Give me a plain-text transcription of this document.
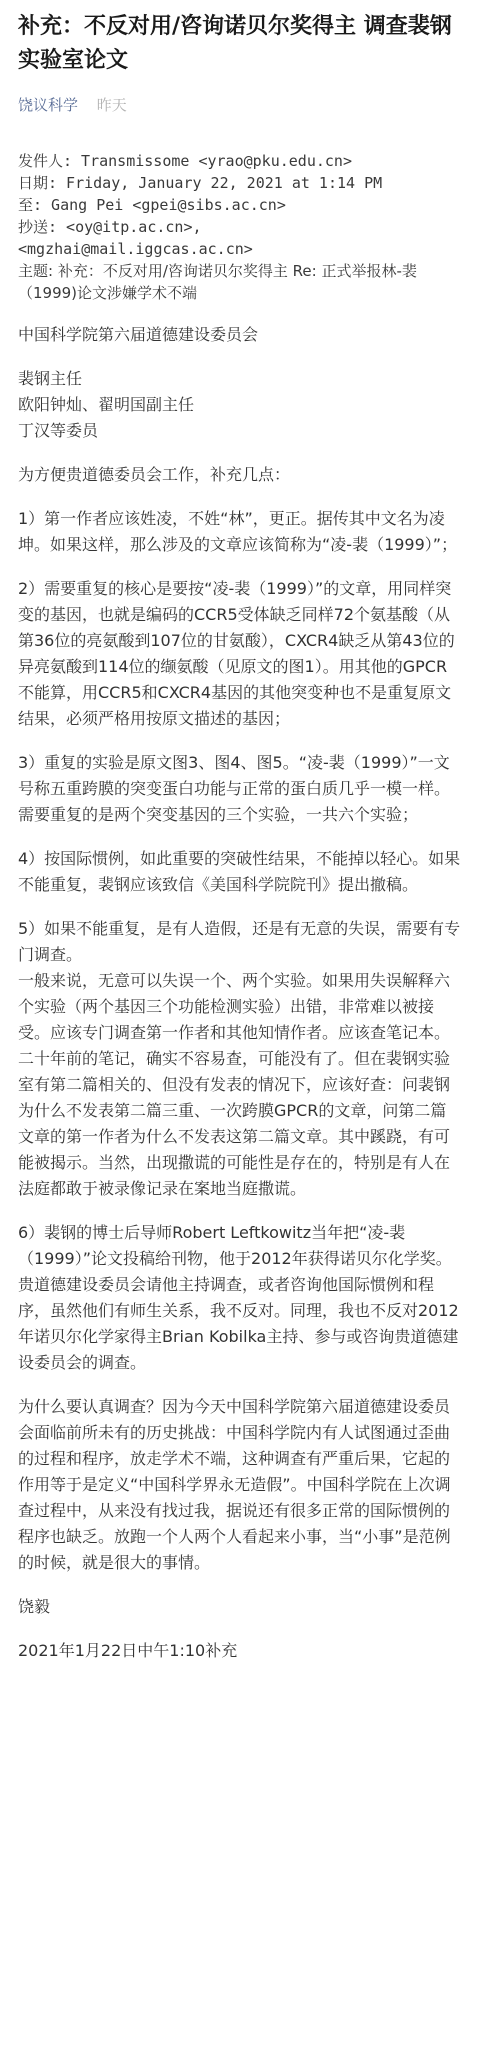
补充：不反对用/咨询诺贝尔奖得主 调查裴钢实验室论文
饶议科学 昨天
发件人: Transmissome <yrao@pku.edu.cn>
日期: Friday, January 22, 2021 at 1:14 PM
至: Gang Pei <gpei@sibs.ac.cn>
抄送: <oy@itp.ac.cn>,
<mgzhai@mail.iggcas.ac.cn>
主题: 补充：不反对用/咨询诺贝尔奖得主 Re: 正式举报林-裴（1999)论文涉嫌学术不端

中国科学院第六届道德建设委员会

裴钢主任

欧阳钟灿、翟明国副主任

丁汉等委员

为方便贵道德委员会工作，补充几点：

1）第一作者应该姓凌，不姓“林”，更正。据传其中文名为凌坤。如果这样，那么涉及的文章应该简称为“凌-裴（1999）”；

2）需要重复的核心是要按“凌-裴（1999）”的文章，用同样突变的基因，也就是编码的CCR5受体缺乏同样72个氨基酸（从第36位的亮氨酸到107位的甘氨酸），CXCR4缺乏从第43位的异亮氨酸到114位的缬氨酸（见原文的图1）。用其他的GPCR不能算，用CCR5和CXCR4基因的其他突变种也不是重复原文结果，必须严格用按原文描述的基因；

3）重复的实验是原文图3、图4、图5。“凌-裴（1999）”一文号称五重跨膜的突变蛋白功能与正常的蛋白质几乎一模一样。需要重复的是两个突变基因的三个实验，一共六个实验；

4）按国际惯例，如此重要的突破性结果，不能掉以轻心。如果不能重复，裴钢应该致信《美国科学院院刊》提出撤稿。

5）如果不能重复，是有人造假，还是有无意的失误，需要有专门调查。

一般来说，无意可以失误一个、两个实验。如果用失误解释六个实验（两个基因三个功能检测实验）出错，非常难以被接受。应该专门调查第一作者和其他知情作者。应该查笔记本。二十年前的笔记，确实不容易查，可能没有了。但在裴钢实验室有第二篇相关的、但没有发表的情况下，应该好查：问裴钢为什么不发表第二篇三重、一次跨膜GPCR的文章，问第二篇文章的第一作者为什么不发表这第二篇文章。其中蹊跷，有可能被揭示。当然，出现撒谎的可能性是存在的，特别是有人在法庭都敢于被录像记录在案地当庭撒谎。

6）裴钢的博士后导师Robert Leftkowitz当年把“凌-裴（1999）”论文投稿给刊物，他于2012年获得诺贝尔化学奖。贵道德建设委员会请他主持调查，或者咨询他国际惯例和程序，虽然他们有师生关系，我不反对。同理，我也不反对2012年诺贝尔化学家得主Brian Kobilka主持、参与或咨询贵道德建设委员会的调查。

为什么要认真调查？因为今天中国科学院第六届道德建设委员会面临前所未有的历史挑战：中国科学院内有人试图通过歪曲的过程和程序，放走学术不端，这种调查有严重后果，它起的作用等于是定义“中国科学界永无造假”。中国科学院在上次调查过程中，从来没有找过我，据说还有很多正常的国际惯例的程序也缺乏。放跑一个人两个人看起来小事，当“小事”是范例的时候，就是很大的事情。

饶毅
2021年1月22日中午1:10补充
